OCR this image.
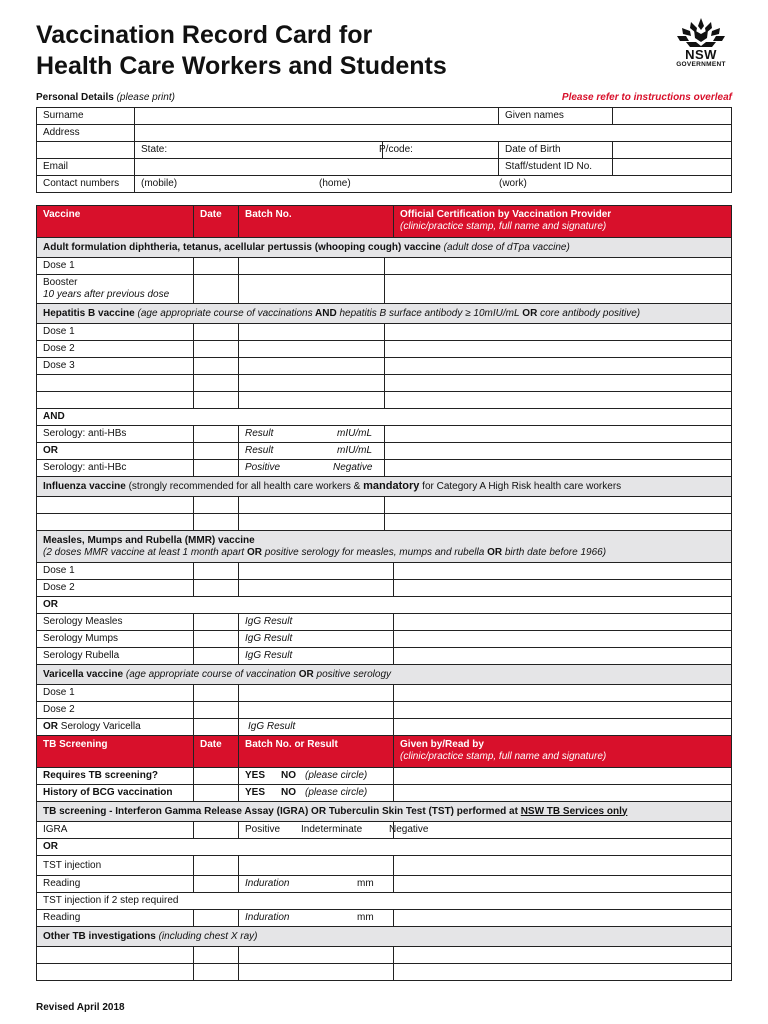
Vaccination Record Card for
Health Care Workers and Students	NSW
GOVERNMENT
Personal Details (please print)	Please refer to instructions overleaf
Surname			Given names	
Address				
	State:	P/code:	Date of Birth	
Email			Staff/student ID No.	
Contact numbers	(mobile) (home) (work)			
Vaccine	Date	Batch No.		Official Certification by Vaccination Provider
(clinic/practice stamp, full name and signature)
Adult formulation diphtheria, tetanus, acellular pertussis (whooping cough) vaccine (adult dose of dTpa vaccine)				
Dose 1				

Booster
10 years after previous dose				
Hepatitis B vaccine (age appropriate course of vaccinations AND hepatitis B surface antibody ≥ 10mIU/mL OR core antibody positive)				
Dose 1				
Dose 2				
Dose 3				

AND				
Serology: anti-HBs		Result mIU/mL		
OR		Result mIU/mL		
Serology: anti-HBc		Positive Negative		
Influenza vaccine (strongly recommended for all health care workers & mandatory for Category A High Risk health care workers				

Measles, Mumps and Rubella (MMR) vaccine
(2 doses MMR vaccine at least 1 month apart OR positive serology for measles, mumps and rubella OR birth date before 1966)				

Dose 1				
Dose 2				
OR				
Serology Measles		IgG Result		
Serology Mumps		IgG Result		
Serology Rubella		IgG Result		
Varicella vaccine (age appropriate course of vaccination OR positive serology				
Dose 1				
Dose 2				
OR Serology Varicella		IgG Result		
TB Screening	Date	Batch No. or Result		Given by/Read by
(clinic/practice stamp, full name and signature)
Requires TB screening?		YES NO (please circle)		
History of BCG vaccination		YES NO (please circle)		
TB screening - Interferon Gamma Release Assay (IGRA) OR Tuberculin Skin Test (TST) performed at NSW TB Services only				
IGRA		Positive Indeterminate Negative		
OR				
TST injection				
Reading		Induration mm		
TST injection if 2 step required				
Reading		Induration mm		
Other TB investigations (including chest X ray)				

Revised April 2018
